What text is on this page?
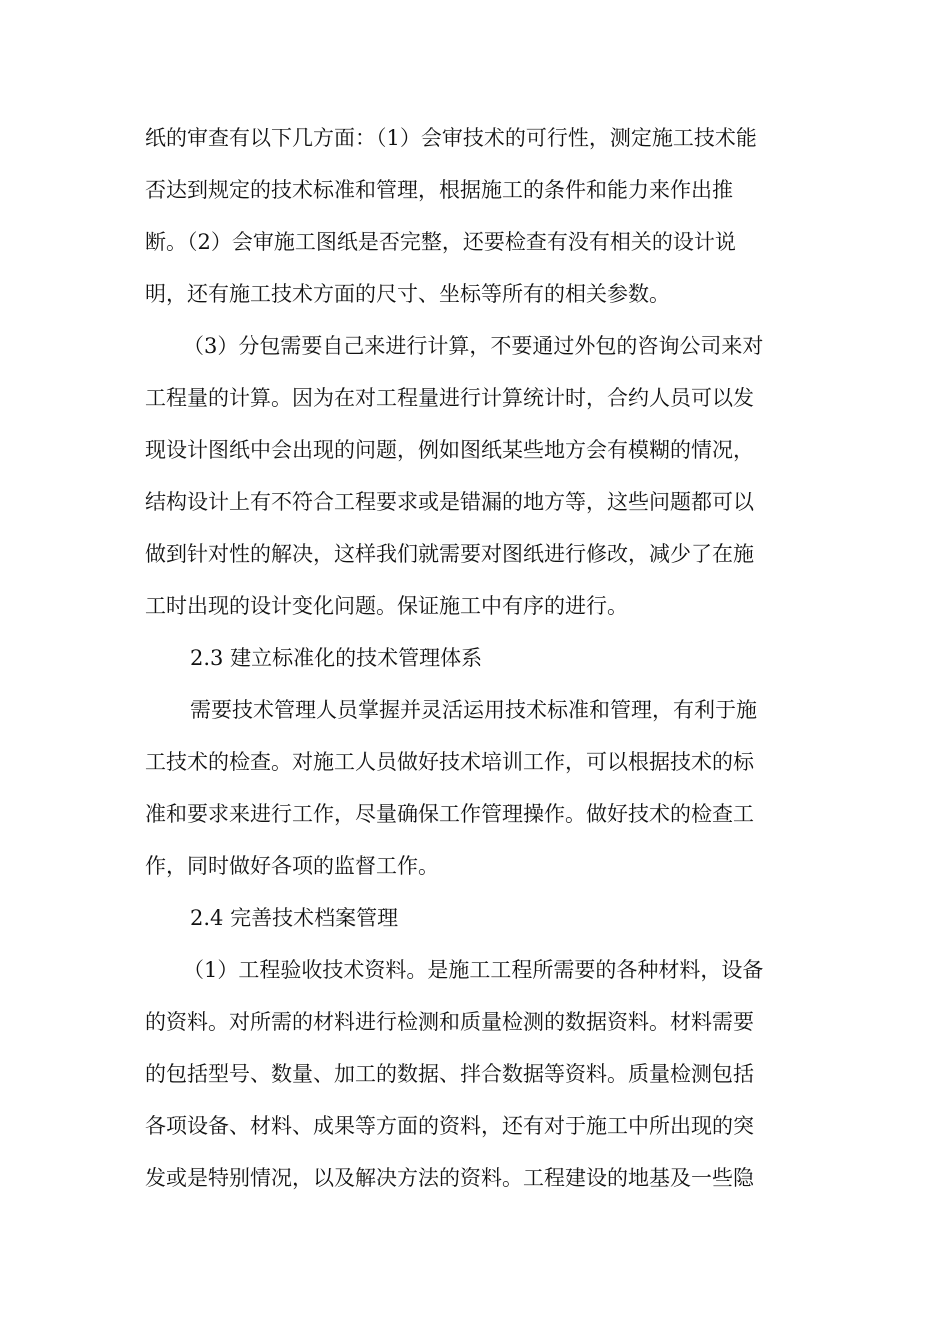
纸的审查有以下几方面：（1）会审技术的可行性，测定施工技术能
否达到规定的技术标准和管理，根据施工的条件和能力来作出推
断。（2）会审施工图纸是否完整，还要检查有没有相关的设计说
明，还有施工技术方面的尺寸、坐标等所有的相关参数。
（3）分包需要自己来进行计算，不要通过外包的咨询公司来对
工程量的计算。因为在对工程量进行计算统计时，合约人员可以发
现设计图纸中会出现的问题，例如图纸某些地方会有模糊的情况，
结构设计上有不符合工程要求或是错漏的地方等，这些问题都可以
做到针对性的解决，这样我们就需要对图纸进行修改，减少了在施
工时出现的设计变化问题。保证施工中有序的进行。
2.3 建立标准化的技术管理体系
需要技术管理人员掌握并灵活运用技术标准和管理，有利于施
工技术的检查。对施工人员做好技术培训工作，可以根据技术的标
准和要求来进行工作，尽量确保工作管理操作。做好技术的检查工
作，同时做好各项的监督工作。
2.4 完善技术档案管理
（1）工程验收技术资料。是施工工程所需要的各种材料，设备
的资料。对所需的材料进行检测和质量检测的数据资料。材料需要
的包括型号、数量、加工的数据、拌合数据等资料。质量检测包括
各项设备、材料、成果等方面的资料，还有对于施工中所出现的突
发或是特别情况，以及解决方法的资料。工程建设的地基及一些隐
